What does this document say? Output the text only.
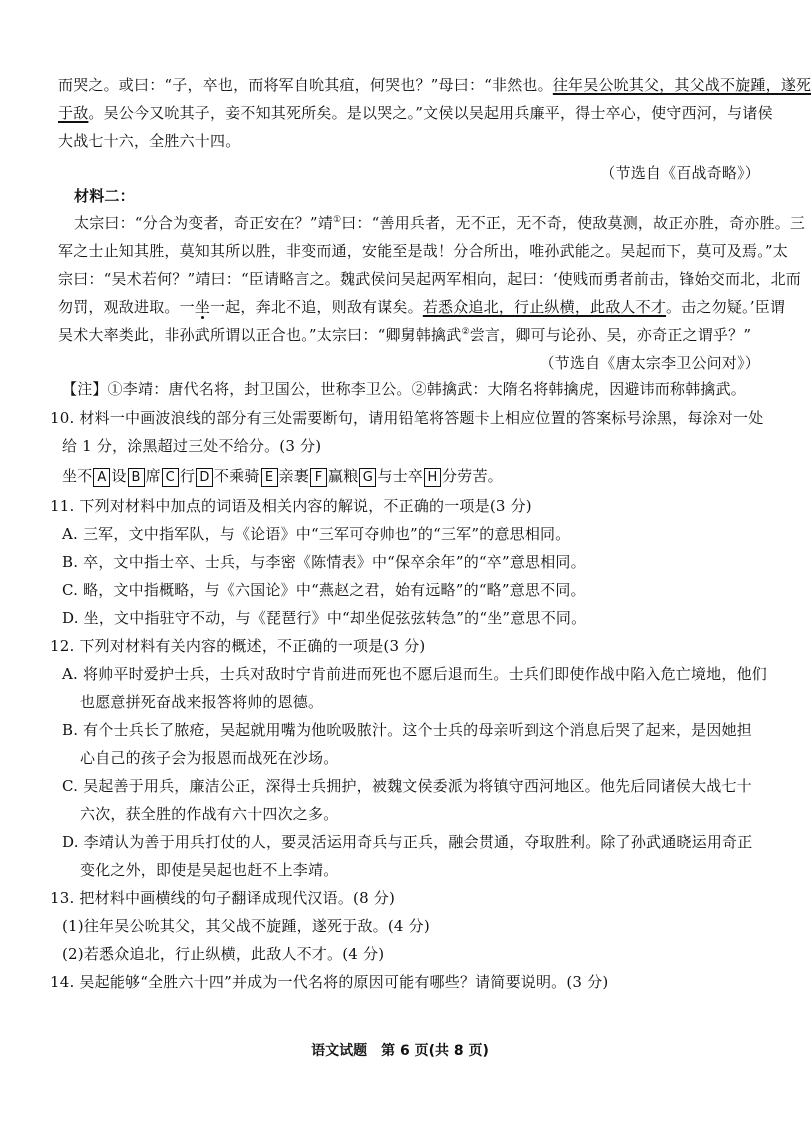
而哭之。或曰：“子，卒也，而将军自吮其疽，何哭也？”母曰：“非然也。往年吴公吮其父，其父战不旋踵，遂死
于敌。吴公今又吮其子，妾不知其死所矣。是以哭之。”文侯以吴起用兵廉平，得士卒心，使守西河，与诸侯
大战七十六，全胜六十四。
（节选自《百战奇略》）
材料二：
太宗曰：“分合为变者，奇正安在？”靖①曰：“善用兵者，无不正，无不奇，使敌莫测，故正亦胜，奇亦胜。三
军之士止知其胜，莫知其所以胜，非变而通，安能至是哉！分合所出，唯孙武能之。吴起而下，莫可及焉。”太
宗曰：“吴术若何？”靖曰：“臣请略言之。魏武侯问吴起两军相向，起曰：‘使贱而勇者前击，锋始交而北，北而
勿罚，观敌进取。一坐一起，奔北不追，则敌有谋矣。若悉众追北，行止纵横，此敌人不才。击之勿疑。’臣谓
吴术大率类此，非孙武所谓以正合也。”太宗曰：“卿舅韩擒武②尝言，卿可与论孙、吴，亦奇正之谓乎？”
（节选自《唐太宗李卫公问对》）
【注】①李靖：唐代名将，封卫国公，世称李卫公。②韩擒武：大隋名将韩擒虎，因避讳而称韩擒武。
10. 材料一中画波浪线的部分有三处需要断句，请用铅笔将答题卡上相应位置的答案标号涂黑，每涂对一处
给 1 分，涂黑超过三处不给分。(3 分)
坐不 A 设 B 席 C 行 D 不乘骑 E 亲裹 F 赢粮 G 与士卒 H 分劳苦。
11. 下列对材料中加点的词语及相关内容的解说，不正确的一项是(3 分)
A. 三军，文中指军队，与《论语》中“三军可夺帅也”的“三军”的意思相同。
B. 卒，文中指士卒、士兵，与李密《陈情表》中“保卒余年”的“卒”意思相同。
C. 略，文中指概略，与《六国论》中“燕赵之君，始有远略”的“略”意思不同。
D. 坐，文中指驻守不动，与《琵琶行》中“却坐促弦弦转急”的“坐”意思不同。
12. 下列对材料有关内容的概述，不正确的一项是(3 分)
A. 将帅平时爱护士兵，士兵对敌时宁肯前进而死也不愿后退而生。士兵们即使作战中陷入危亡境地，他们
也愿意拼死奋战来报答将帅的恩德。
B. 有个士兵长了脓疮，吴起就用嘴为他吮吸脓汁。这个士兵的母亲听到这个消息后哭了起来，是因她担
心自己的孩子会为报恩而战死在沙场。
C. 吴起善于用兵，廉洁公正，深得士兵拥护，被魏文侯委派为将镇守西河地区。他先后同诸侯大战七十
六次，获全胜的作战有六十四次之多。
D. 李靖认为善于用兵打仗的人，要灵活运用奇兵与正兵，融会贯通，夺取胜利。除了孙武通晓运用奇正
变化之外，即使是吴起也赶不上李靖。
13. 把材料中画横线的句子翻译成现代汉语。(8 分)
(1)往年吴公吮其父，其父战不旋踵，遂死于敌。(4 分)
(2)若悉众追北，行止纵横，此敌人不才。(4 分)
14. 吴起能够“全胜六十四”并成为一代名将的原因可能有哪些？请简要说明。(3 分)
语文试题　第 6 页(共 8 页)
